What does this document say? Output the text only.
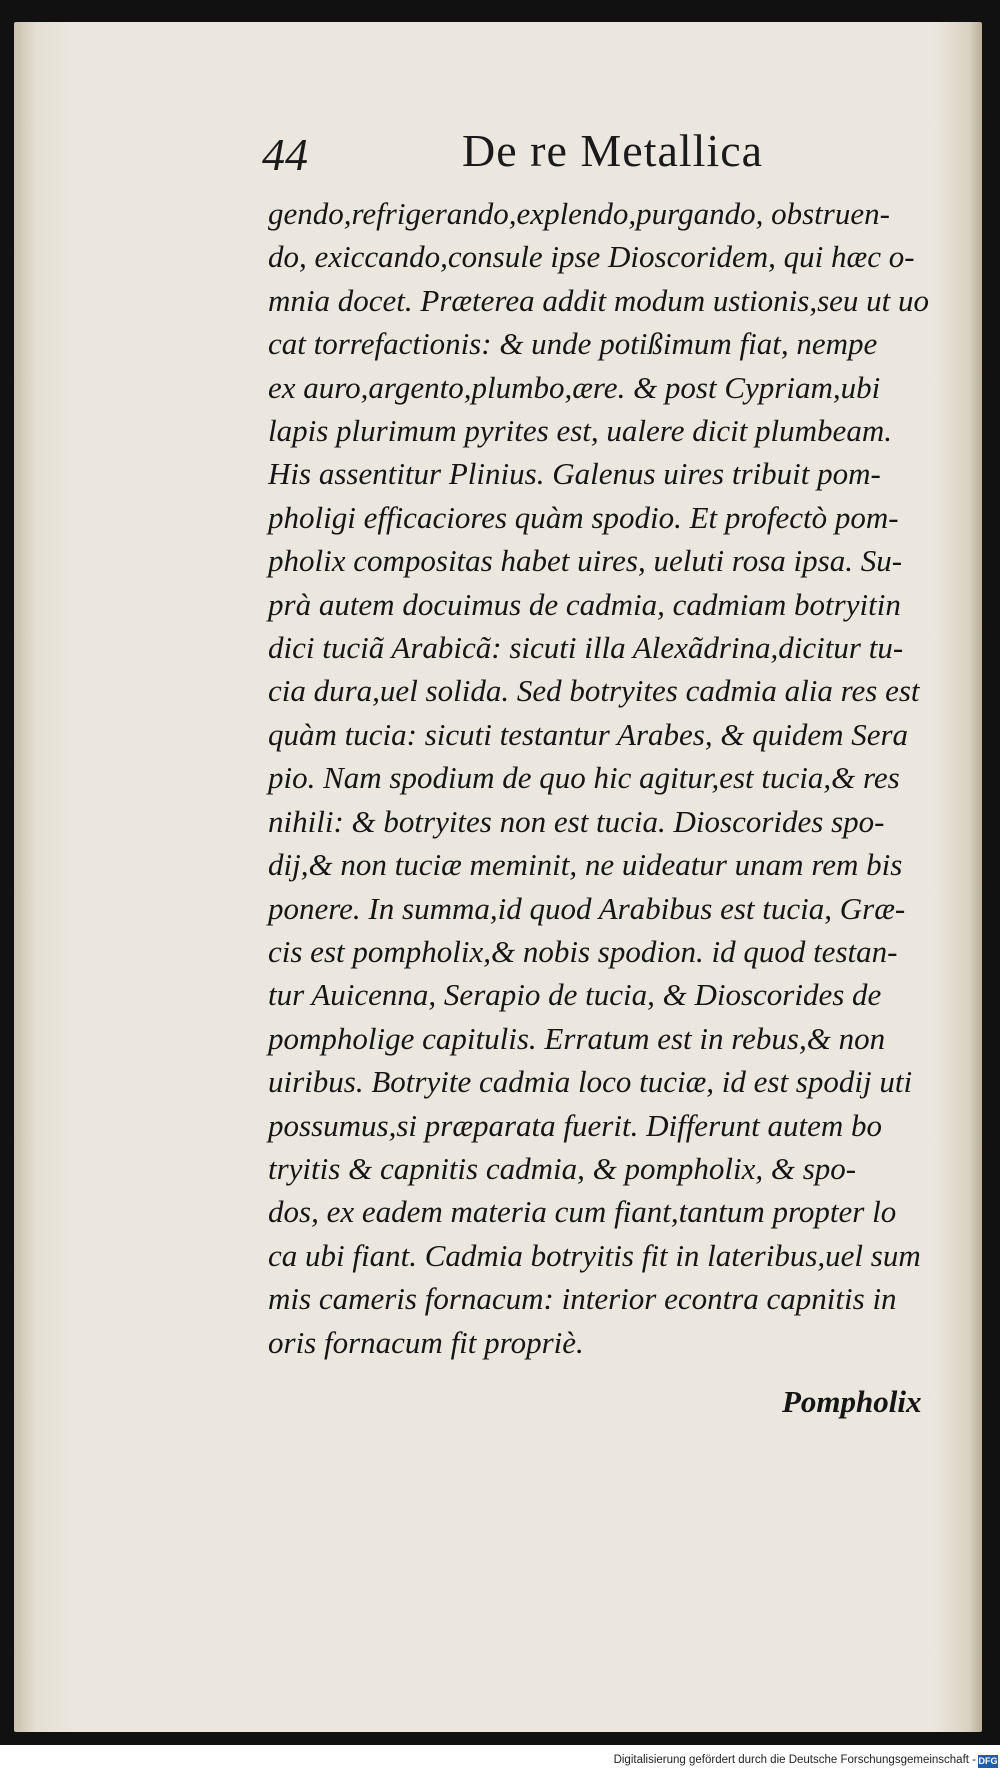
44	De re Metallica
gendo,refrigerando,explendo,purgando, obstruen-
do, exiccando,consule ipse Dioscoridem, qui hæc o-
mnia docet. Præterea addit modum ustionis,seu ut uo
cat torrefactionis: & unde potißimum fiat, nempe
ex auro,argento,plumbo,ære. & post Cypriam,ubi
lapis plurimum pyrites est, ualere dicit plumbeam.
His assentitur Plinius. Galenus uires tribuit pom-
pholigi efficaciores quàm spodio. Et profectò pom-
pholix compositas habet uires, ueluti rosa ipsa. Su-
prà autem docuimus de cadmia, cadmiam botryitin
dici tuciã Arabicã: sicuti illa Alexãdrina,dicitur tu-
cia dura,uel solida. Sed botryites cadmia alia res est
quàm tucia: sicuti testantur Arabes, & quidem Sera
pio. Nam spodium de quo hic agitur,est tucia,& res
nihili: & botryites non est tucia. Dioscorides spo-
dij,& non tuciæ meminit, ne uideatur unam rem bis
ponere. In summa,id quod Arabibus est tucia, Græ-
cis est pompholix,& nobis spodion. id quod testan-
tur Auicenna, Serapio de tucia, & Dioscorides de
pompholige capitulis. Erratum est in rebus,& non
uiribus. Botryite cadmia loco tuciæ, id est spodij uti
possumus,si præparata fuerit. Differunt autem bo
tryitis & capnitis cadmia, & pompholix, & spo-
dos, ex eadem materia cum fiant,tantum propter lo
ca ubi fiant. Cadmia botryitis fit in lateribus,uel sum
mis cameris fornacum: interior econtra capnitis in
oris fornacum fit propriè.
Pompholix
Digitalisierung gefördert durch die Deutsche Forschungsgemeinschaft - DFG
